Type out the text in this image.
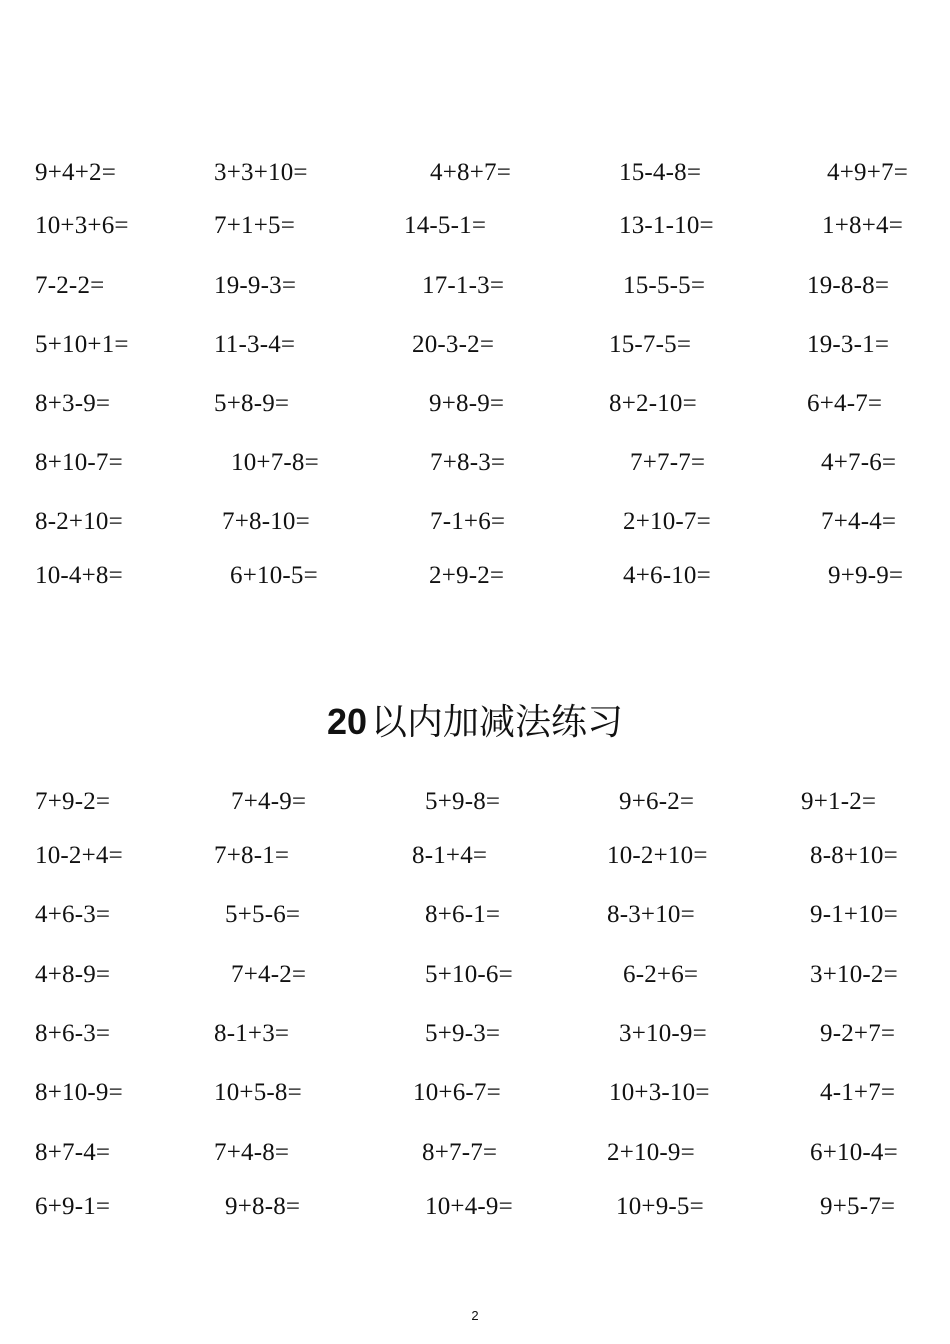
9+4+2=	3+3+10=	4+8+7=	15-4-8=	4+9+7=
10+3+6=	7+1+5=	14-5-1=	13-1-10=	1+8+4=
7-2-2=	19-9-3=	17-1-3=	15-5-5=	19-8-8=
5+10+1=	11-3-4=	20-3-2=	15-7-5=	19-3-1=
8+3-9=	5+8-9=	9+8-9=	8+2-10=	6+4-7=
8+10-7=	10+7-8=	7+8-3=	7+7-7=	4+7-6=
8-2+10=	7+8-10=	7-1+6=	2+10-7=	7+4-4=
10-4+8=	6+10-5=	2+9-2=	4+6-10=	9+9-9=
20 以内加减法练习
7+9-2=	7+4-9=	5+9-8=	9+6-2=	9+1-2=
10-2+4=	7+8-1=	8-1+4=	10-2+10=	8-8+10=
4+6-3=	5+5-6=	8+6-1=	8-3+10=	9-1+10=
4+8-9=	7+4-2=	5+10-6=	6-2+6=	3+10-2=
8+6-3=	8-1+3=	5+9-3=	3+10-9=	9-2+7=
8+10-9=	10+5-8=	10+6-7=	10+3-10=	4-1+7=
8+7-4=	7+4-8=	8+7-7=	2+10-9=	6+10-4=
6+9-1=	9+8-8=	10+4-9=	10+9-5=	9+5-7=
2
